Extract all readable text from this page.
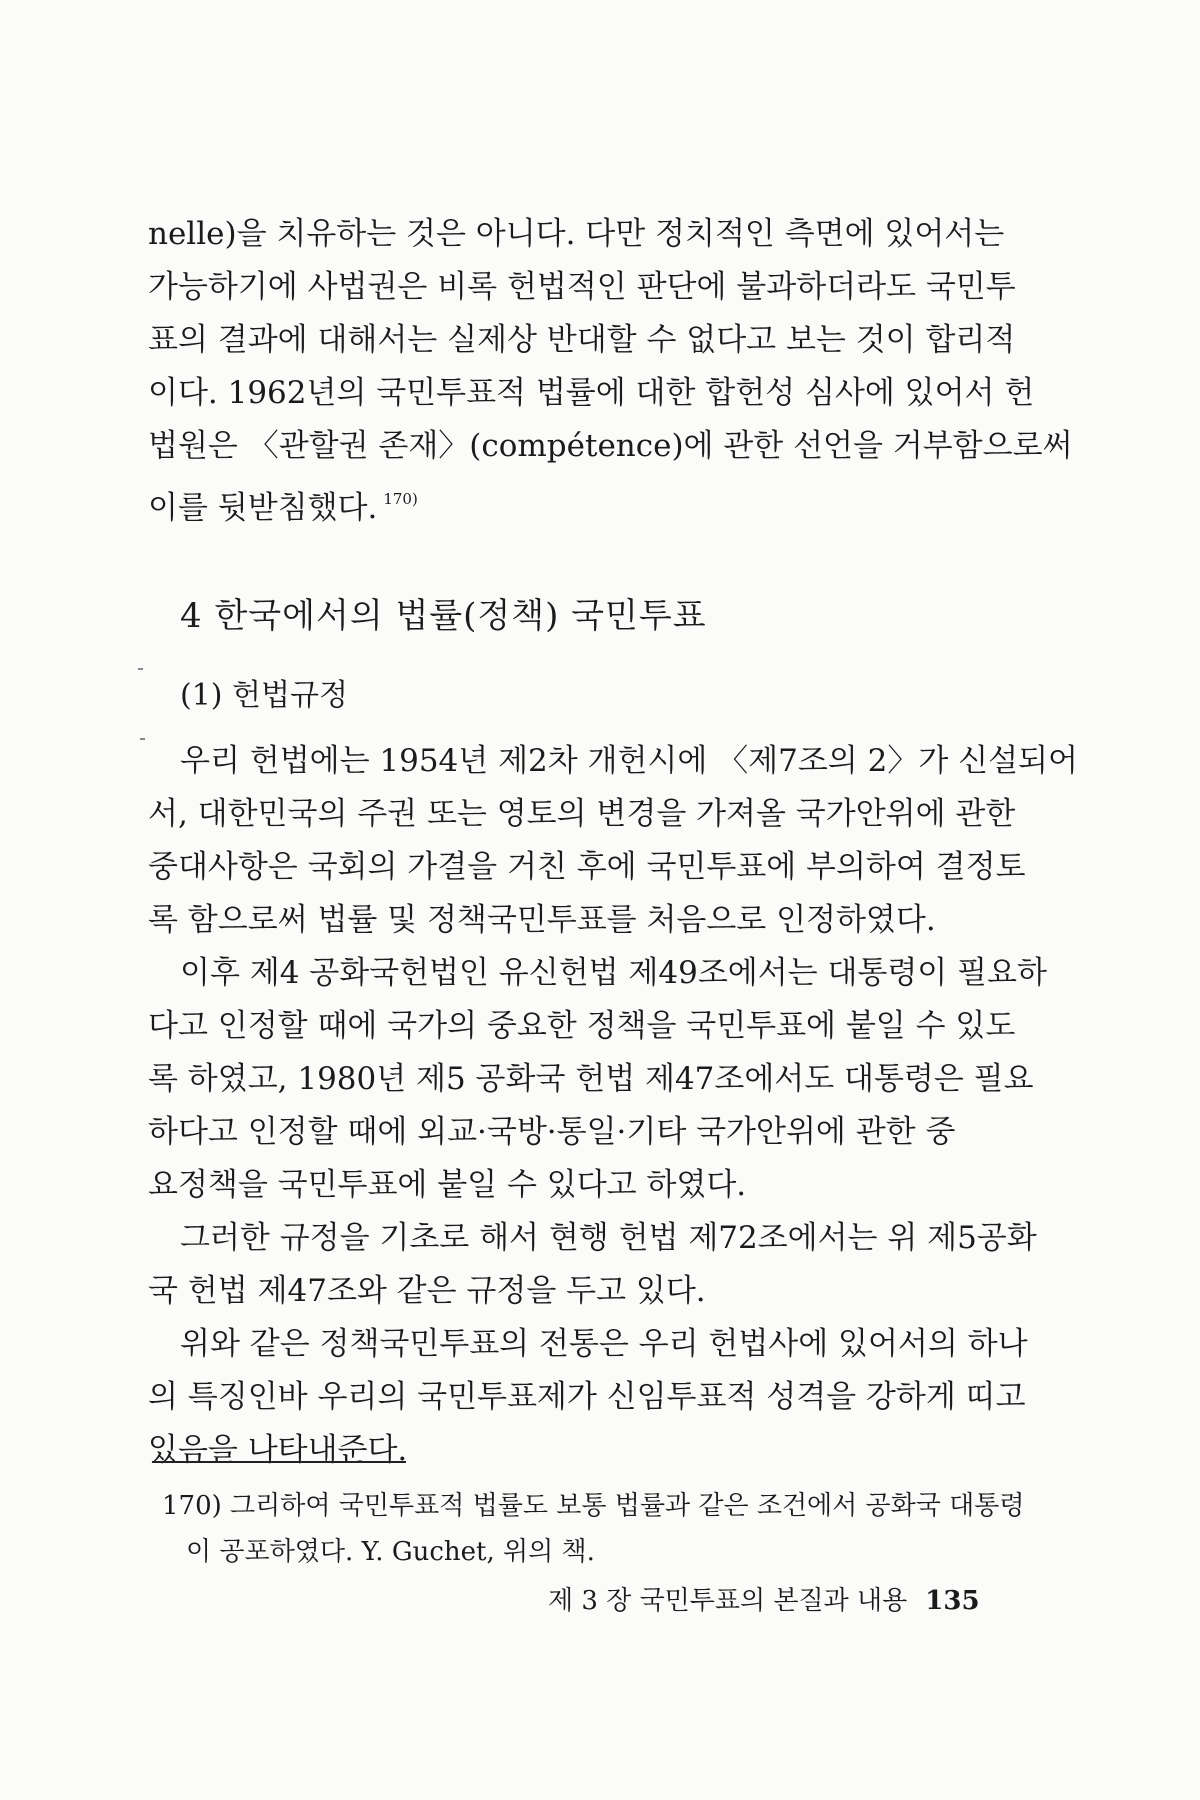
nelle)을 치유하는 것은 아니다. 다만 정치적인 측면에 있어서는
가능하기에 사법권은 비록 헌법적인 판단에 불과하더라도 국민투
표의 결과에 대해서는 실제상 반대할 수 없다고 보는 것이 합리적
이다. 1962년의 국민투표적 법률에 대한 합헌성 심사에 있어서 헌
법원은 〈관할권 존재〉(compétence)에 관한 선언을 거부함으로써
이를 뒷받침했다. $^{170)}$
4 한국에서의 법률(정책) 국민투표
(1) 헌법규정
우리 헌법에는 1954년 제2차 개헌시에 〈제7조의 2〉가 신설되어
서, 대한민국의 주권 또는 영토의 변경을 가져올 국가안위에 관한
중대사항은 국회의 가결을 거친 후에 국민투표에 부의하여 결정토
록 함으로써 법률 및 정책국민투표를 처음으로 인정하였다.
이후 제4 공화국헌법인 유신헌법 제49조에서는 대통령이 필요하
다고 인정할 때에 국가의 중요한 정책을 국민투표에 붙일 수 있도
록 하였고, 1980년 제5 공화국 헌법 제47조에서도 대통령은 필요
하다고 인정할 때에 외교·국방·통일·기타 국가안위에 관한 중
요정책을 국민투표에 붙일 수 있다고 하였다.
그러한 규정을 기초로 해서 현행 헌법 제72조에서는 위 제5공화
국 헌법 제47조와 같은 규정을 두고 있다.
위와 같은 정책국민투표의 전통은 우리 헌법사에 있어서의 하나
의 특징인바 우리의 국민투표제가 신임투표적 성격을 강하게 띠고
있음을 나타내준다.
170) 그리하여 국민투표적 법률도 보통 법률과 같은 조건에서 공화국 대통령
이 공포하였다. Y. Guchet, 위의 책.
제 3 장 국민투표의 본질과 내용 135
